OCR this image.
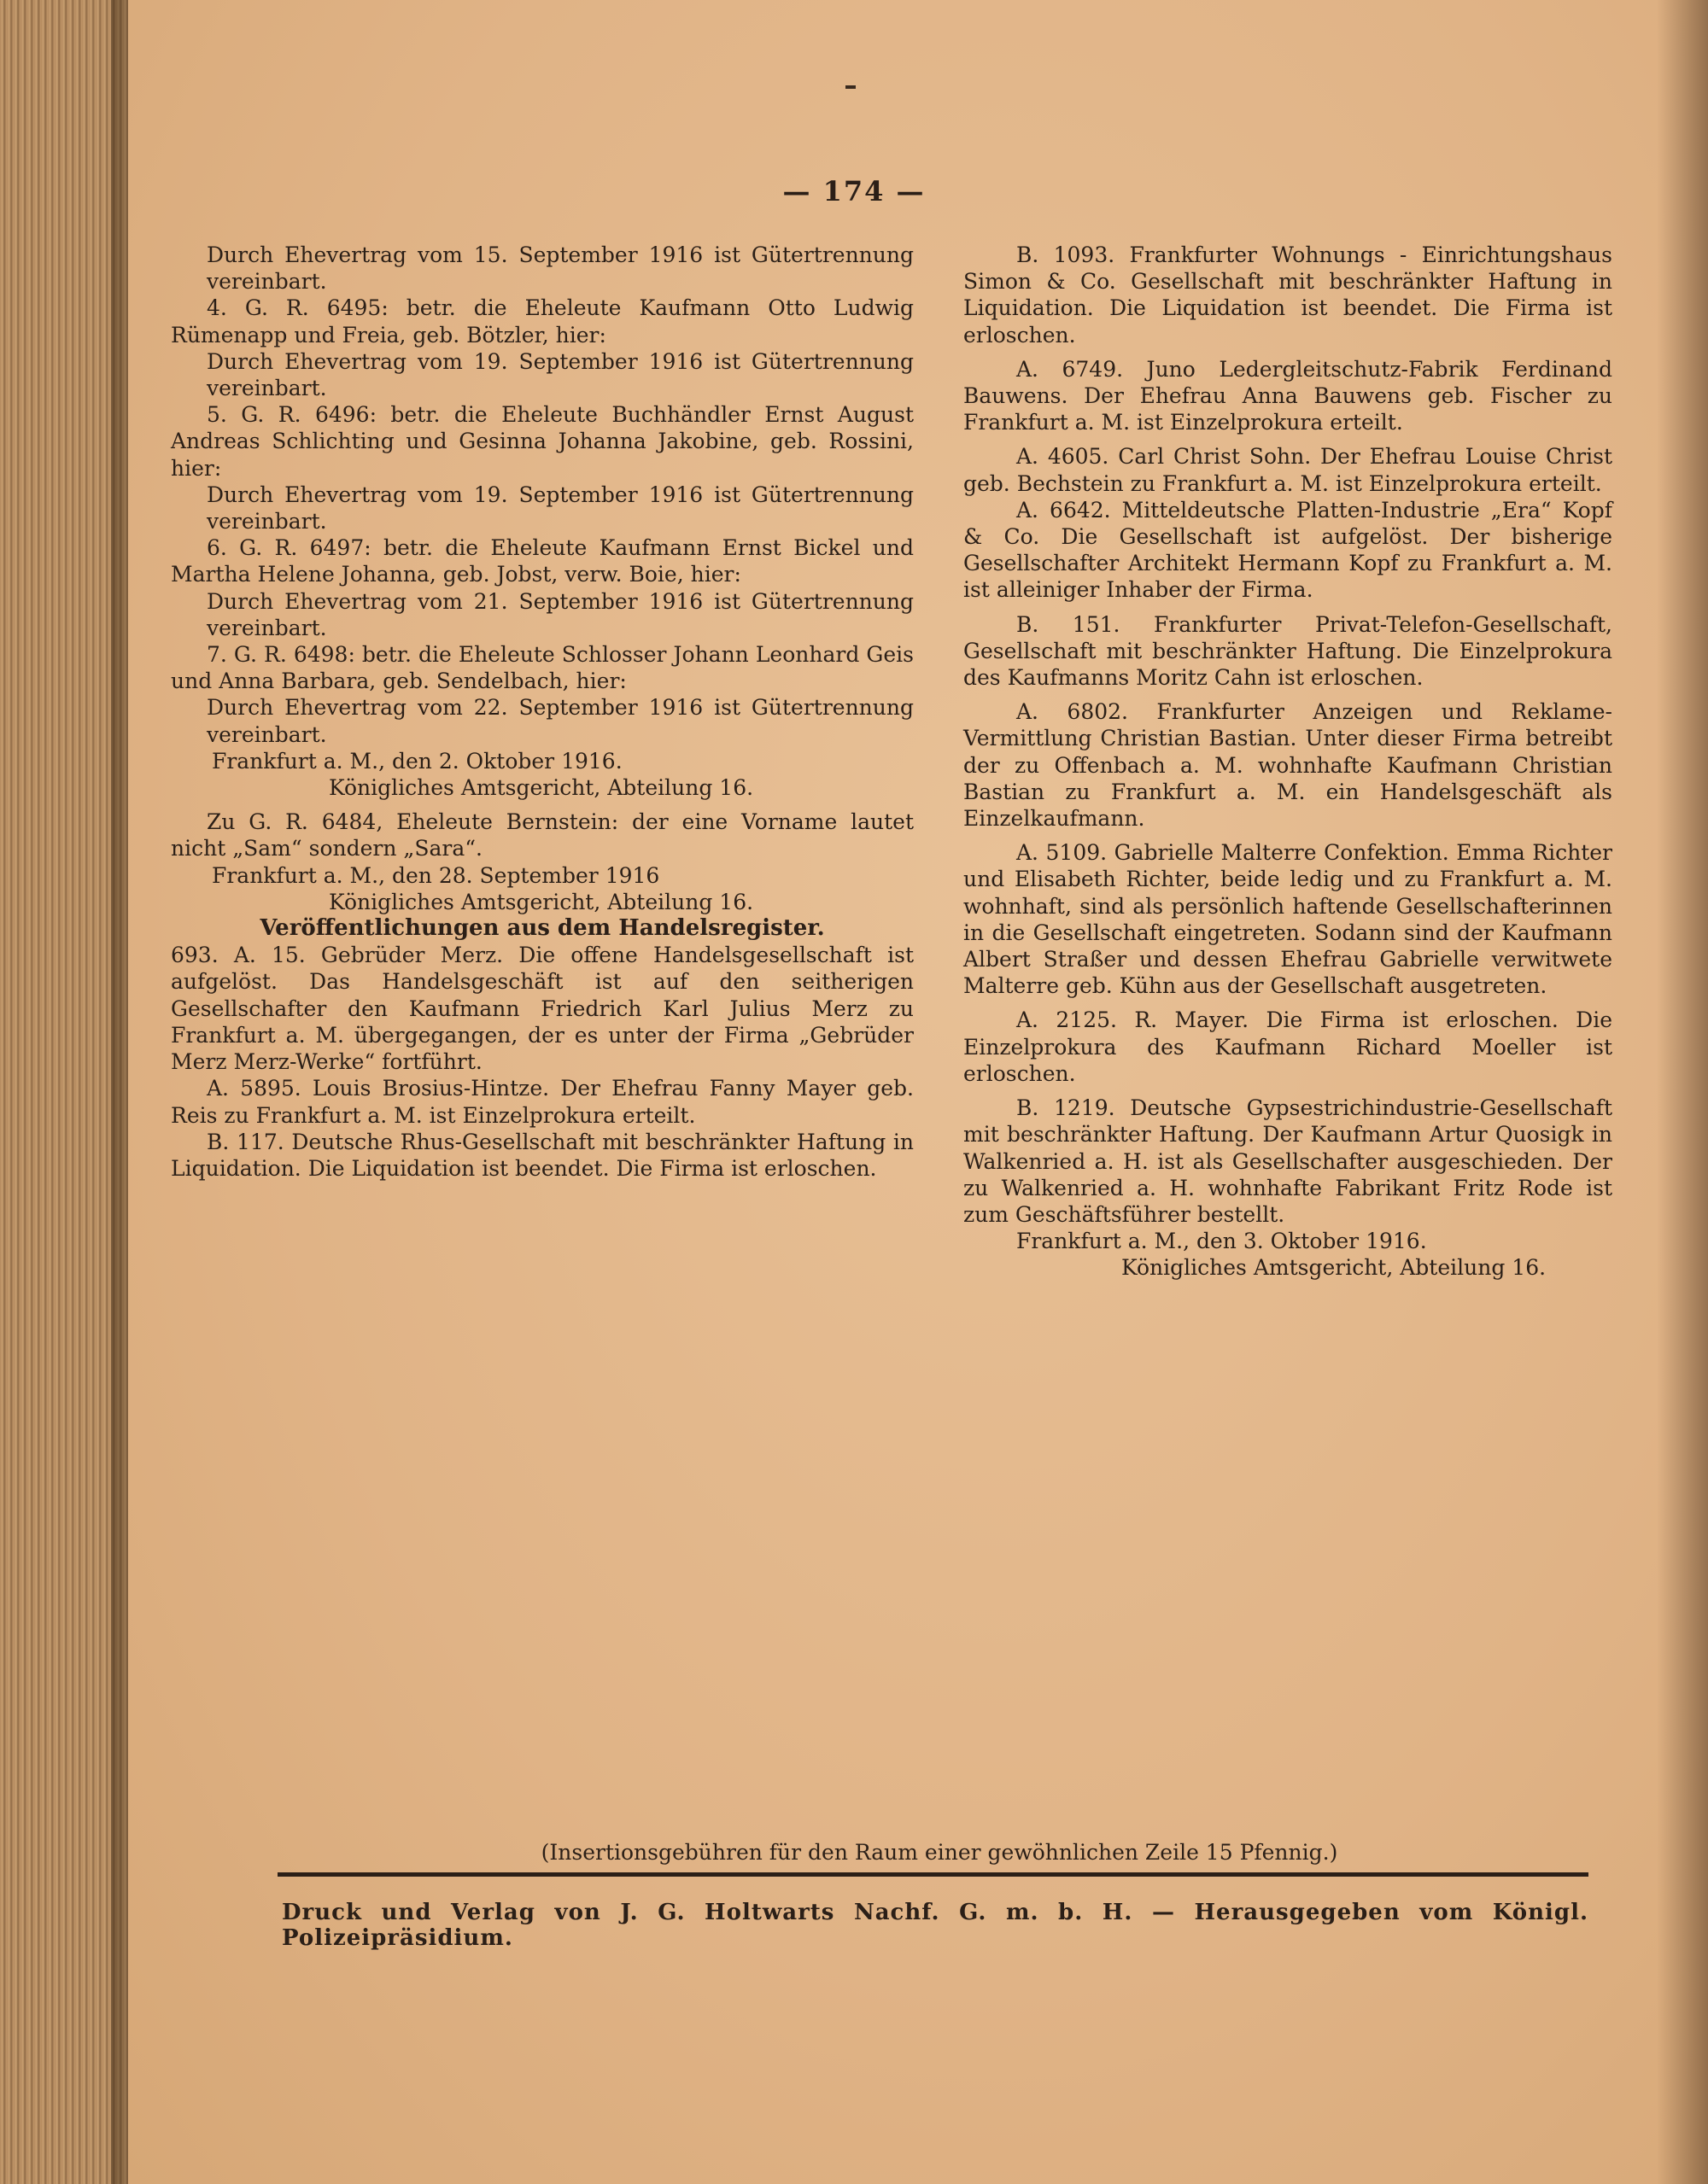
— 174 —

Durch Ehevertrag vom 15. September 1916 ist Gütertrennung vereinbart.

4. G. R. 6495: betr. die Eheleute Kaufmann Otto Ludwig Rümenapp und Freia, geb. Bötzler, hier:

Durch Ehevertrag vom 19. September 1916 ist Gütertrennung vereinbart.

5. G. R. 6496: betr. die Eheleute Buchhändler Ernst August Andreas Schlichting und Gesinna Johanna Jakobine, geb. Rossini, hier:

Durch Ehevertrag vom 19. September 1916 ist Gütertrennung vereinbart.

6. G. R. 6497: betr. die Eheleute Kaufmann Ernst Bickel und Martha Helene Johanna, geb. Jobst, verw. Boie, hier:

Durch Ehevertrag vom 21. September 1916 ist Gütertrennung vereinbart.

7. G. R. 6498: betr. die Eheleute Schlosser Johann Leonhard Geis und Anna Barbara, geb. Sendelbach, hier:

Durch Ehevertrag vom 22. September 1916 ist Gütertrennung vereinbart.

Frankfurt a. M., den 2. Oktober 1916.

Königliches Amtsgericht, Abteilung 16.

Zu G. R. 6484, Eheleute Bernstein: der eine Vorname lautet nicht „Sam“ sondern „Sara“.

Frankfurt a. M., den 28. September 1916

Königliches Amtsgericht, Abteilung 16.

Veröffentlichungen aus dem Handelsregister.

693. A. 15. Gebrüder Merz. Die offene Handelsgesellschaft ist aufgelöst. Das Handelsgeschäft ist auf den seitherigen Gesellschafter den Kaufmann Friedrich Karl Julius Merz zu Frankfurt a. M. übergegangen, der es unter der Firma „Gebrüder Merz Merz-Werke“ fortführt.

A. 5895. Louis Brosius-Hintze. Der Ehefrau Fanny Mayer geb. Reis zu Frankfurt a. M. ist Einzelprokura erteilt.

B. 117. Deutsche Rhus-Gesellschaft mit beschränkter Haftung in Liquidation. Die Liquidation ist beendet. Die Firma ist erloschen.

B. 1093. Frankfurter Wohnungs - Einrichtungshaus Simon & Co. Gesellschaft mit beschränkter Haftung in Liquidation. Die Liquidation ist beendet. Die Firma ist erloschen.

A. 6749. Juno Ledergleitschutz-Fabrik Ferdinand Bauwens. Der Ehefrau Anna Bauwens geb. Fischer zu Frankfurt a. M. ist Einzelprokura erteilt.

A. 4605. Carl Christ Sohn. Der Ehefrau Louise Christ geb. Bechstein zu Frankfurt a. M. ist Einzelprokura erteilt.

A. 6642. Mitteldeutsche Platten-Industrie „Era“ Kopf & Co. Die Gesellschaft ist aufgelöst. Der bisherige Gesellschafter Architekt Hermann Kopf zu Frankfurt a. M. ist alleiniger Inhaber der Firma.

B. 151. Frankfurter Privat-Telefon-Gesellschaft, Gesellschaft mit beschränkter Haftung. Die Einzelprokura des Kaufmanns Moritz Cahn ist erloschen.

A. 6802. Frankfurter Anzeigen und Reklame-Vermittlung Christian Bastian. Unter dieser Firma betreibt der zu Offenbach a. M. wohnhafte Kaufmann Christian Bastian zu Frankfurt a. M. ein Handelsgeschäft als Einzelkaufmann.

A. 5109. Gabrielle Malterre Confektion. Emma Richter und Elisabeth Richter, beide ledig und zu Frankfurt a. M. wohnhaft, sind als persönlich haftende Gesellschafterinnen in die Gesellschaft eingetreten. Sodann sind der Kaufmann Albert Straßer und dessen Ehefrau Gabrielle verwitwete Malterre geb. Kühn aus der Gesellschaft ausgetreten.

A. 2125. R. Mayer. Die Firma ist erloschen. Die Einzelprokura des Kaufmann Richard Moeller ist erloschen.

B. 1219. Deutsche Gypsestrichindustrie-Gesellschaft mit beschränkter Haftung. Der Kaufmann Artur Quosigk in Walkenried a. H. ist als Gesellschafter ausgeschieden. Der zu Walkenried a. H. wohnhafte Fabrikant Fritz Rode ist zum Geschäftsführer bestellt.

Frankfurt a. M., den 3. Oktober 1916.

Königliches Amtsgericht, Abteilung 16.

(Insertionsgebühren für den Raum einer gewöhnlichen Zeile 15 Pfennig.)
Druck und Verlag von J. G. Holtwarts Nachf. G. m. b. H. — Herausgegeben vom Königl. Polizeipräsidium.
